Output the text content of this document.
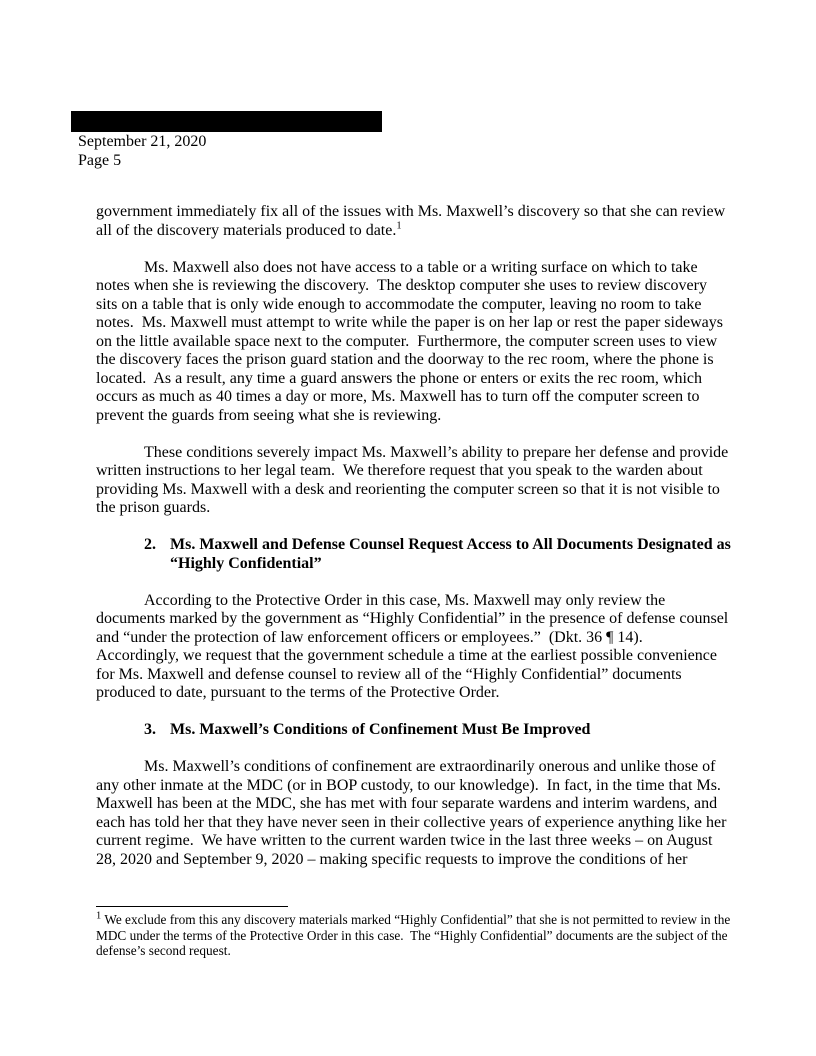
September 21, 2020
Page 5

government immediately fix all of the issues with Ms. Maxwell’s discovery so that she can review all of the discovery materials produced to date.$^1$

Ms. Maxwell also does not have access to a table or a writing surface on which to take notes when she is reviewing the discovery.  The desktop computer she uses to review discovery sits on a table that is only wide enough to accommodate the computer, leaving no room to take notes.  Ms. Maxwell must attempt to write while the paper is on her lap or rest the paper sideways on the little available space next to the computer.  Furthermore, the computer screen uses to view the discovery faces the prison guard station and the doorway to the rec room, where the phone is located.  As a result, any time a guard answers the phone or enters or exits the rec room, which occurs as much as 40 times a day or more, Ms. Maxwell has to turn off the computer screen to prevent the guards from seeing what she is reviewing.

These conditions severely impact Ms. Maxwell’s ability to prepare her defense and provide written instructions to her legal team.  We therefore request that you speak to the warden about providing Ms. Maxwell with a desk and reorienting the computer screen so that it is not visible to the prison guards.

2. Ms. Maxwell and Defense Counsel Request Access to All Documents Designated as “Highly Confidential”

According to the Protective Order in this case, Ms. Maxwell may only review the documents marked by the government as “Highly Confidential” in the presence of defense counsel and “under the protection of law enforcement officers or employees.”  (Dkt. 36 ¶ 14).  Accordingly, we request that the government schedule a time at the earliest possible convenience for Ms. Maxwell and defense counsel to review all of the “Highly Confidential” documents produced to date, pursuant to the terms of the Protective Order.

3. Ms. Maxwell’s Conditions of Confinement Must Be Improved

Ms. Maxwell’s conditions of confinement are extraordinarily onerous and unlike those of any other inmate at the MDC (or in BOP custody, to our knowledge).  In fact, in the time that Ms. Maxwell has been at the MDC, she has met with four separate wardens and interim wardens, and each has told her that they have never seen in their collective years of experience anything like her current regime.  We have written to the current warden twice in the last three weeks – on August 28, 2020 and September 9, 2020 – making specific requests to improve the conditions of her

$^1$ We exclude from this any discovery materials marked “Highly Confidential” that she is not permitted to review in the MDC under the terms of the Protective Order in this case.  The “Highly Confidential” documents are the subject of the defense’s second request.
